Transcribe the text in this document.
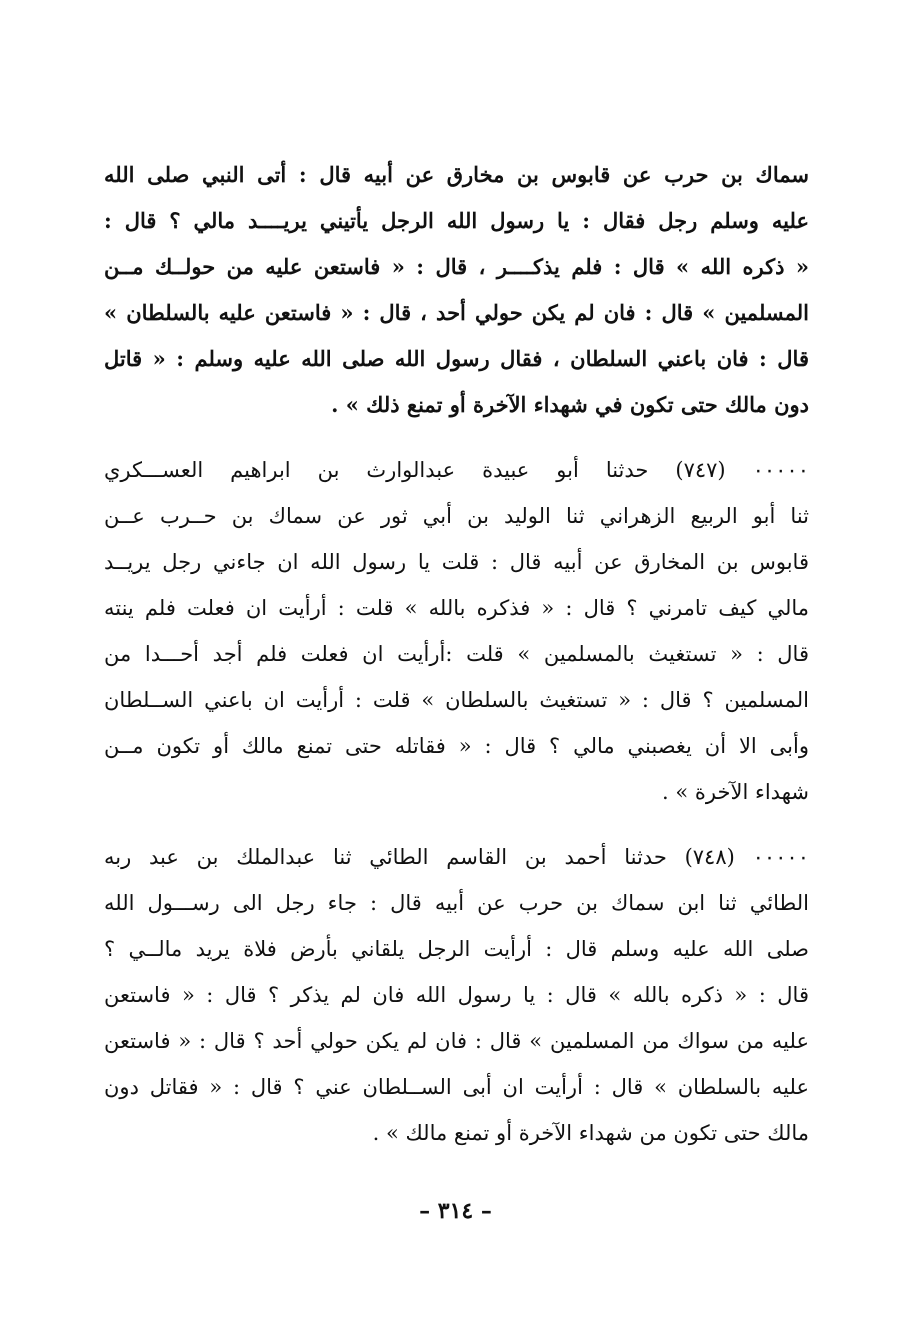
سماك بن حرب عن قابوس بن مخارق عن أبيه قال : أتى النبي صلى الله
عليه وسلم رجل فقال : يا رسول الله الرجل يأتيني يريــــد مالي ؟ قال :
« ذكره الله » قال : فلم يذكــــر ، قال : « فاستعن عليه من حولــك مــن
المسلمين » قال : فان لم يكن حولي أحد ، قال : « فاستعن عليه بالسلطان »
قال : فان باعني السلطان ، فقال رسول الله صلى الله عليه وسلم : « قاتل
دون مالك حتى تكون في شهداء الآخرة أو تمنع ذلك » .
٠٠٠٠٠ (٧٤٧) حدثنا أبو عبيدة عبدالوارث بن ابراهيم العســـكري
ثنا أبو الربيع الزهراني ثنا الوليد بن أبي ثور عن سماك بن حــرب عــن
قابوس بن المخارق عن أبيه قال : قلت يا رسول الله ان جاءني رجل يريــد
مالي كيف تامرني ؟ قال : « فذكره بالله » قلت : أرأيت ان فعلت فلم ينته
قال : « تستغيث بالمسلمين » قلت :أرأيت ان فعلت فلم أجد أحـــدا من
المسلمين ؟ قال : « تستغيث بالسلطان » قلت : أرأيت ان باعني الســلطان
وأبى الا أن يغصبني مالي ؟ قال : « فقاتله حتى تمنع مالك أو تكون مــن
شهداء الآخرة » .
٠٠٠٠٠ (٧٤٨) حدثنا أحمد بن القاسم الطائي ثنا عبدالملك بن عبد ربه
الطائي ثنا ابن سماك بن حرب عن أبيه قال : جاء رجل الى رســـول الله
صلى الله عليه وسلم قال : أرأيت الرجل يلقاني بأرض فلاة يريد مالــي ؟
قال : « ذكره بالله » قال : يا رسول الله فان لم يذكر ؟ قال : « فاستعن
عليه من سواك من المسلمين » قال : فان لم يكن حولي أحد ؟ قال : « فاستعن
عليه بالسلطان » قال : أرأيت ان أبى الســلطان عني ؟ قال : « فقاتل دون
مالك حتى تكون من شهداء الآخرة أو تمنع مالك » .
– ٣١٤ –
